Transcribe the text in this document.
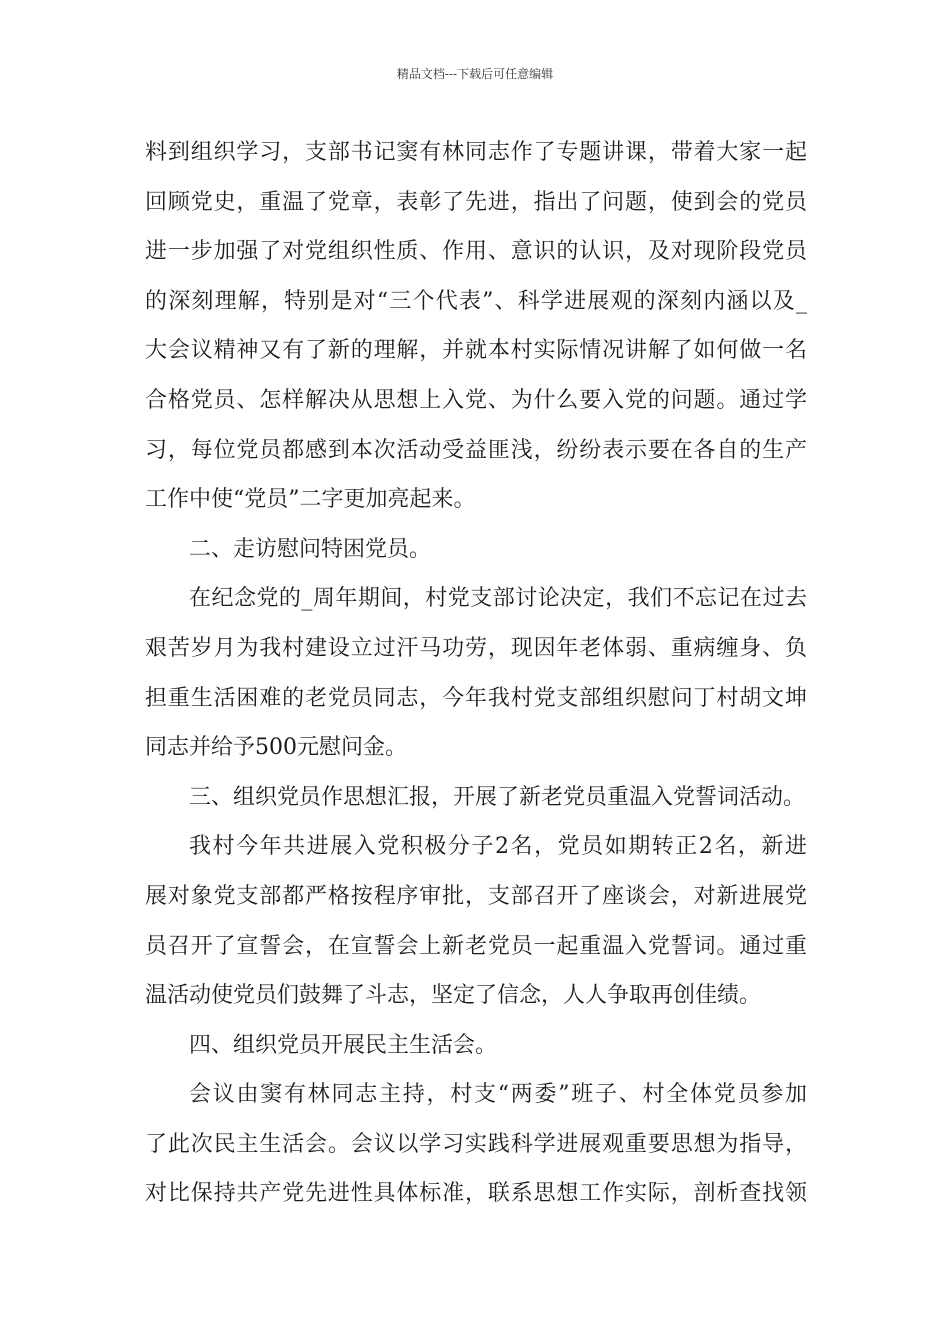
精品文档---下载后可任意编辑
料到组织学习，支部书记窦有林同志作了专题讲课，带着大家一起
回顾党史，重温了党章，表彰了先进，指出了问题，使到会的党员
进一步加强了对党组织性质、作用、意识的认识，及对现阶段党员
的深刻理解，特别是对“三个代表”、科学进展观的深刻内涵以及_
大会议精神又有了新的理解，并就本村实际情况讲解了如何做一名
合格党员、怎样解决从思想上入党、为什么要入党的问题。通过学
习，每位党员都感到本次活动受益匪浅，纷纷表示要在各自的生产
工作中使“党员”二字更加亮起来。
二、走访慰问特困党员。
在纪念党的_周年期间，村党支部讨论决定，我们不忘记在过去
艰苦岁月为我村建设立过汗马功劳，现因年老体弱、重病缠身、负
担重生活困难的老党员同志，今年我村党支部组织慰问丁村胡文坤
同志并给予500元慰问金。
三、组织党员作思想汇报，开展了新老党员重温入党誓词活动。
我村今年共进展入党积极分子2名，党员如期转正2名，新进
展对象党支部都严格按程序审批，支部召开了座谈会，对新进展党
员召开了宣誓会，在宣誓会上新老党员一起重温入党誓词。通过重
温活动使党员们鼓舞了斗志，坚定了信念，人人争取再创佳绩。
四、组织党员开展民主生活会。
会议由窦有林同志主持，村支“两委”班子、村全体党员参加
了此次民主生活会。会议以学习实践科学进展观重要思想为指导，
对比保持共产党先进性具体标准，联系思想工作实际，剖析查找领
